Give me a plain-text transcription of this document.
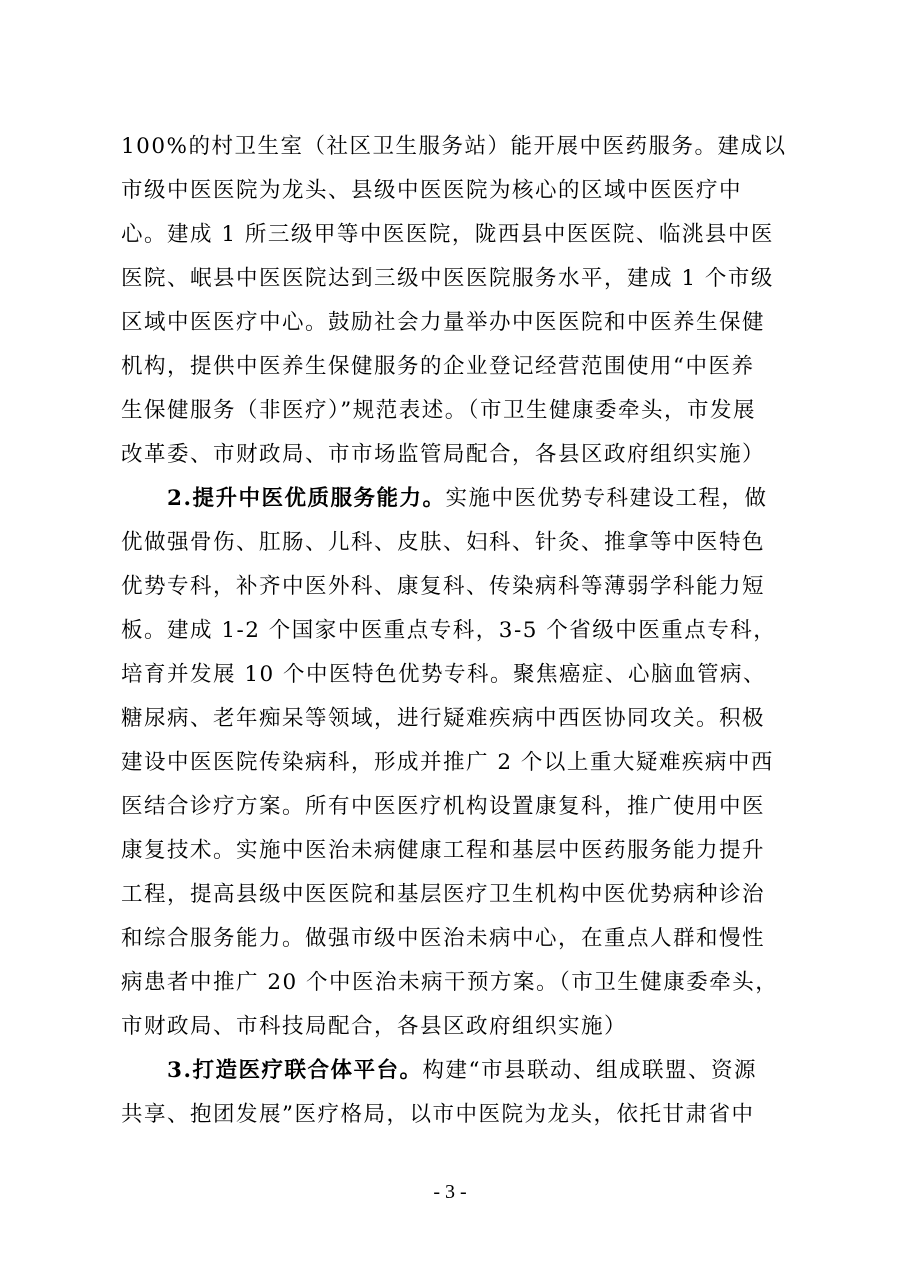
100%的村卫生室（社区卫生服务站）能开展中医药服务。建成以
市级中医医院为龙头、县级中医医院为核心的区域中医医疗中
心。建成 1 所三级甲等中医医院，陇西县中医医院、临洮县中医
医院、岷县中医医院达到三级中医医院服务水平，建成 1 个市级
区域中医医疗中心。鼓励社会力量举办中医医院和中医养生保健
机构，提供中医养生保健服务的企业登记经营范围使用“中医养
生保健服务（非医疗）”规范表述。（市卫生健康委牵头，市发展
改革委、市财政局、市市场监管局配合，各县区政府组织实施）
2.提升中医优质服务能力。实施中医优势专科建设工程，做
优做强骨伤、肛肠、儿科、皮肤、妇科、针灸、推拿等中医特色
优势专科，补齐中医外科、康复科、传染病科等薄弱学科能力短
板。建成 1-2 个国家中医重点专科，3-5 个省级中医重点专科，
培育并发展 10 个中医特色优势专科。聚焦癌症、心脑血管病、
糖尿病、老年痴呆等领域，进行疑难疾病中西医协同攻关。积极
建设中医医院传染病科，形成并推广 2 个以上重大疑难疾病中西
医结合诊疗方案。所有中医医疗机构设置康复科，推广使用中医
康复技术。实施中医治未病健康工程和基层中医药服务能力提升
工程，提高县级中医医院和基层医疗卫生机构中医优势病种诊治
和综合服务能力。做强市级中医治未病中心，在重点人群和慢性
病患者中推广 20 个中医治未病干预方案。（市卫生健康委牵头，
市财政局、市科技局配合，各县区政府组织实施）
3.打造医疗联合体平台。构建“市县联动、组成联盟、资源
共享、抱团发展”医疗格局，以市中医院为龙头，依托甘肃省中
- 3 -
